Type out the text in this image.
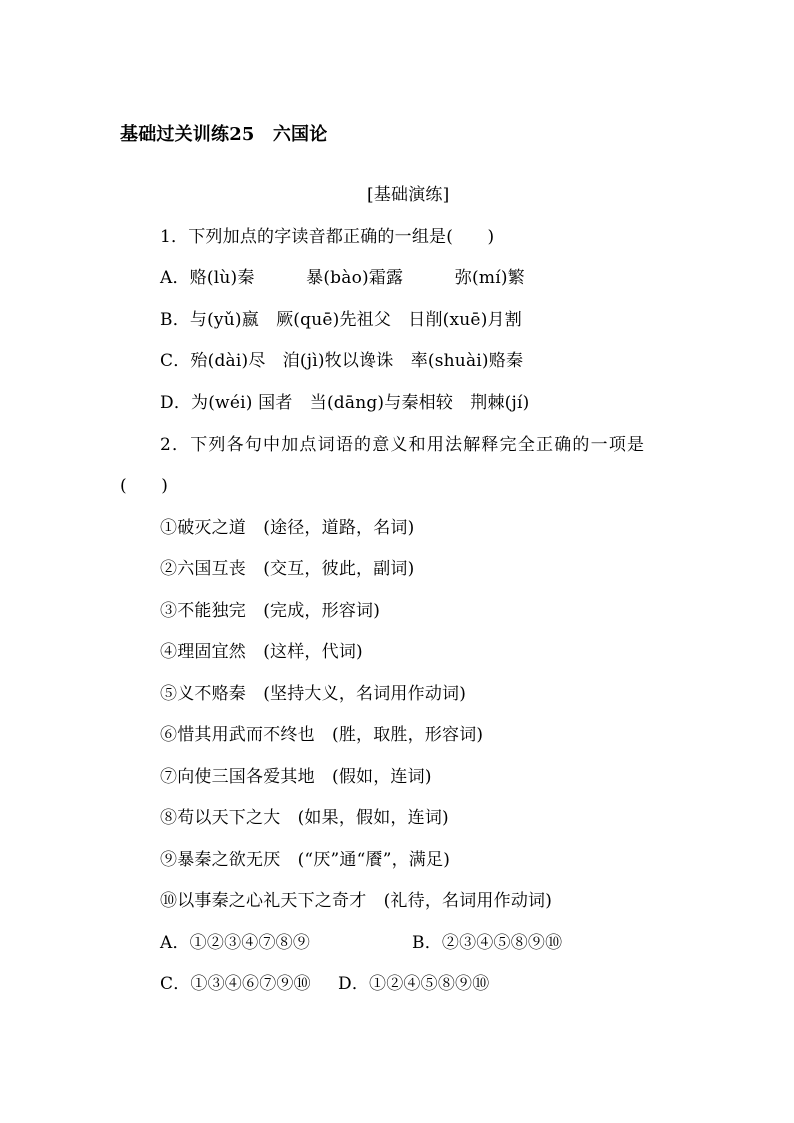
基础过关训练25　六国论
[基础演练]
1．下列加点的字读音都正确的一组是(　　)
A．赂(lù)秦　　　暴(bào)霜露　　　弥(mí)繁
B．与(yǔ)嬴　厥(quē)先祖父　日削(xuē)月割
C．殆(dài)尽　洎(jì)牧以谗诛　率(shuài)赂秦
D．为(wéi) 国者　当(dāng)与秦相较　荆棘(jí)
2．下列各句中加点词语的意义和用法解释完全正确的一项是
(　　)
①破灭之道　(途径，道路，名词)
②六国互丧　(交互，彼此，副词)
③不能独完　(完成，形容词)
④理固宜然　(这样，代词)
⑤义不赂秦　(坚持大义，名词用作动词)
⑥惜其用武而不终也　(胜，取胜，形容词)
⑦向使三国各爱其地　(假如，连词)
⑧苟以天下之大　(如果，假如，连词)
⑨暴秦之欲无厌　(“厌”通“餍”，满足)
⑩以事秦之心礼天下之奇才　(礼待，名词用作动词)
A．①②③④⑦⑧⑨	B．②③④⑤⑧⑨⑩
C．①③④⑥⑦⑨⑩ D．①②④⑤⑧⑨⑩
